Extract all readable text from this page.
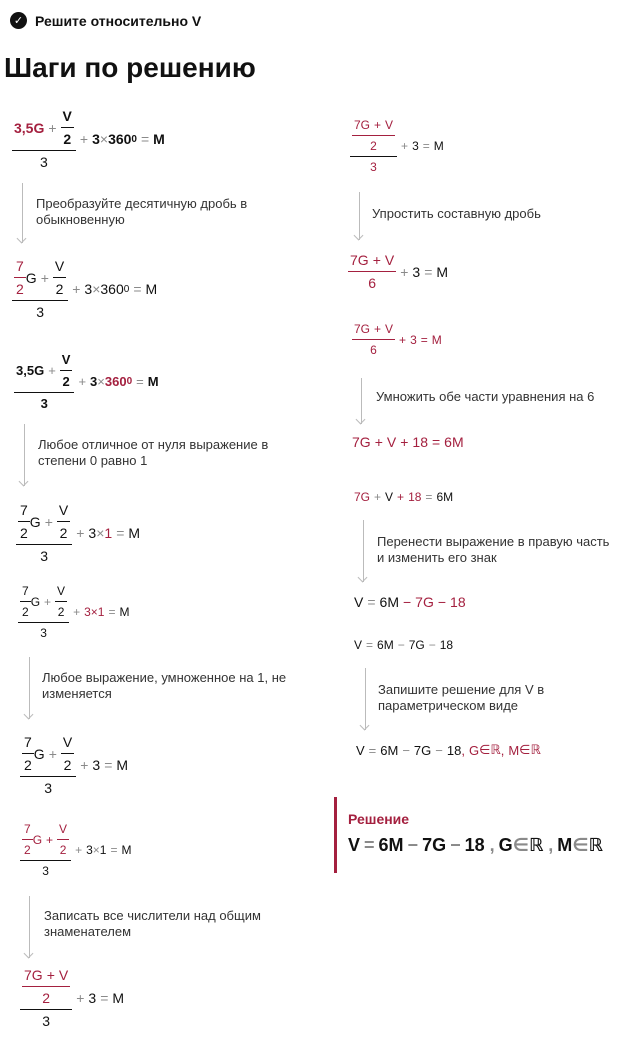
✓ Решите относительно V
Шаги по решению
$\frac{3,5G + \frac{V}{2}}{3} + 3 \times 360$ 0 = M
Преобразуйте десятичную дробь в
обыкновенную
$\frac{\frac{7}{2} G + \frac{V}{2}}{3} + 3 \times 360$ 0 = M
$\frac{3,5G + \frac{V}{2}}{3} + 3 \times 360$ 0 = M
Любое отличное от нуля выражение в
степени 0 равно 1
$\frac{\frac{7}{2} G + \frac{V}{2}}{3} + 3 \times 1 = M$
$\frac{\frac{7}{2} G + \frac{V}{2}}{3} + 3 \times 1 = M$
Любое выражение, умноженное на 1, не
изменяется
$\frac{\frac{7}{2} G + \frac{V}{2}}{3} + 3 = M$
$\frac{\frac{7}{2} G + \frac{V}{2}}{3} + 3 \times 1 = M$
Записать все числители над общим
знаменателем
$\frac{\frac{7G + V}{2}}{3} + 3 = M$
$\frac{\frac{7G + V}{2}}{3} + 3 = M$
Упростить составную дробь
$\frac{7G + V}{6} + 3 = M$
$\frac{7G + V}{6} + 3 = M$
Умножить обе части уравнения на 6
7G + V + 18 = 6M
7G + V + 18 = 6M
Перенести выражение в правую часть
и изменить его знак
V = 6M − 7G − 18
V = 6M − 7G − 18
Запишите решение для V в
параметрическом виде
V = 6M − 7G − 18 , G ∈ ℝ , M ∈ ℝ
Решение
V = 6M − 7G − 18 , G∈ℝ , M∈ℝ
